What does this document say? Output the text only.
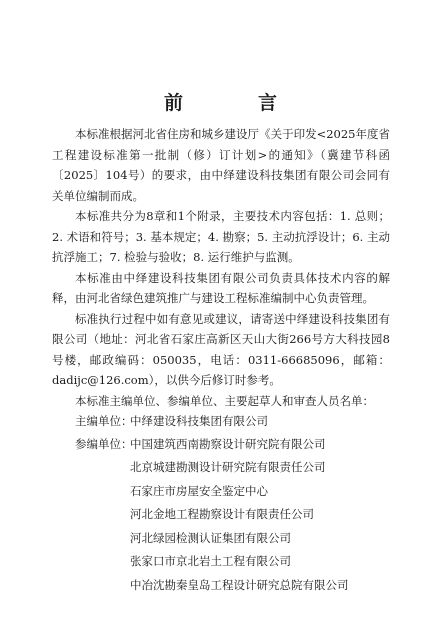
前　言

本标准根据河北省住房和城乡建设厅《关于印发<2025年度省工程建设标准第一批制（修）订计划>的通知》（冀建节科函〔2025〕104号）的要求，由中绎建设科技集团有限公司会同有关单位编制而成。

本标准共分为8章和1个附录，主要技术内容包括：1. 总则；2. 术语和符号；3. 基本规定；4. 勘察；5. 主动抗浮设计；6. 主动抗浮施工；7. 检验与验收；8. 运行维护与监测。

本标准由中绎建设科技集团有限公司负责具体技术内容的解释，由河北省绿色建筑推广与建设工程标准编制中心负责管理。

标准执行过程中如有意见或建议，请寄送中绎建设科技集团有限公司（地址：河北省石家庄高新区天山大街266号方大科技园8号楼，邮政编码：050035，电话：0311-66685096，邮箱：dadijc@126.com），以供今后修订时参考。

本标准主编单位、参编单位、主要起草人和审查人员名单：

主编单位：
中绎建设科技集团有限公司
参编单位：
中国建筑西南勘察设计研究院有限公司
北京城建勘测设计研究院有限责任公司
石家庄市房屋安全鉴定中心
河北金地工程勘察设计有限责任公司
河北绿园检测认证集团有限公司
张家口市京北岩土工程有限公司
中冶沈勘秦皇岛工程设计研究总院有限公司
